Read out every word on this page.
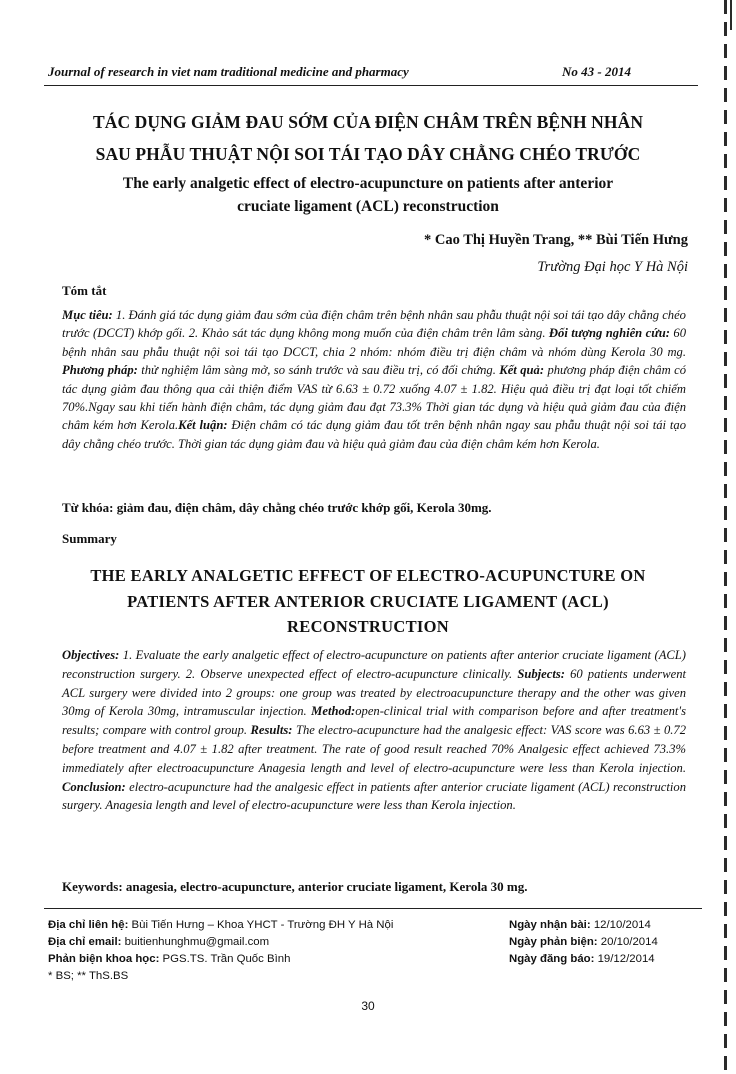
Journal of research in viet nam traditional medicine and pharmacy	No 43 - 2014
TÁC DỤNG GIẢM ĐAU SỚM CỦA ĐIỆN CHÂM TRÊN BỆNH NHÂN
SAU PHẪU THUẬT NỘI SOI TÁI TẠO DÂY CHẰNG CHÉO TRƯỚC
The early analgetic effect of electro-acupuncture on patients after anterior
cruciate ligament (ACL) reconstruction
* Cao Thị Huyền Trang, ** Bùi Tiến Hưng
Trường Đại học Y Hà Nội
Tóm tắt

Mục tiêu: 1. Đánh giá tác dụng giảm đau sớm của điện châm trên bệnh nhân sau phẫu thuật nội soi tái tạo dây chằng chéo trước (DCCT) khớp gối. 2. Khảo sát tác dụng không mong muốn của điện châm trên lâm sàng. Đối tượng nghiên cứu: 60 bệnh nhân sau phẫu thuật nội soi tái tạo DCCT, chia 2 nhóm: nhóm điều trị điện châm và nhóm dùng Kerola 30 mg. Phương pháp: thử nghiệm lâm sàng mở, so sánh trước và sau điều trị, có đối chứng. Kết quả: phương pháp điện châm có tác dụng giảm đau thông qua cải thiện điểm VAS từ 6.63 ± 0.72 xuống 4.07 ± 1.82. Hiệu quả điều trị đạt loại tốt chiếm 70%.Ngay sau khi tiến hành điện châm, tác dụng giảm đau đạt 73.3% Thời gian tác dụng và hiệu quả giảm đau của điện châm kém hơn Kerola.Kết luận: Điện châm có tác dụng giảm đau tốt trên bệnh nhân ngay sau phẫu thuật nội soi tái tạo dây chằng chéo trước. Thời gian tác dụng giảm đau và hiệu quả giảm đau của điện châm kém hơn Kerola.

Từ khóa: giảm đau, điện châm, dây chằng chéo trước khớp gối, Kerola 30mg.
Summary
THE EARLY ANALGETIC EFFECT OF ELECTRO-ACUPUNCTURE ON
PATIENTS AFTER ANTERIOR CRUCIATE LIGAMENT (ACL)
RECONSTRUCTION

Objectives: 1. Evaluate the early analgetic effect of electro-acupuncture on patients after anterior cruciate ligament (ACL) reconstruction surgery. 2. Observe unexpected effect of electro-acupuncture clinically. Subjects: 60 patients underwent ACL surgery were divided into 2 groups: one group was treated by electroacupuncture therapy and the other was given 30mg of Kerola 30mg, intramuscular injection. Method:open-clinical trial with comparison before and after treatment's results; compare with control group. Results: The electro-acupuncture had the analgesic effect: VAS score was 6.63 ± 0.72 before treatment and 4.07 ± 1.82 after treatment. The rate of good result reached 70% Analgesic effect achieved 73.3% immediately after electroacupuncture Anagesia length and level of electro-acupuncture were less than Kerola injection. Conclusion: electro-acupuncture had the analgesic effect in patients after anterior cruciate ligament (ACL) reconstruction surgery. Anagesia length and level of electro-acupuncture were less than Kerola injection.

Keywords: anagesia, electro-acupuncture, anterior cruciate ligament, Kerola 30 mg.
Địa chỉ liên hệ: Bùi Tiến Hưng – Khoa YHCT - Trường ĐH Y Hà Nội
Địa chỉ email: buitienhunghmu@gmail.com
Phản biện khoa học: PGS.TS. Trần Quốc Bình
* BS; ** ThS.BS
Ngày nhận bài: 12/10/2014
Ngày phản biện: 20/10/2014
Ngày đăng báo: 19/12/2014
30
